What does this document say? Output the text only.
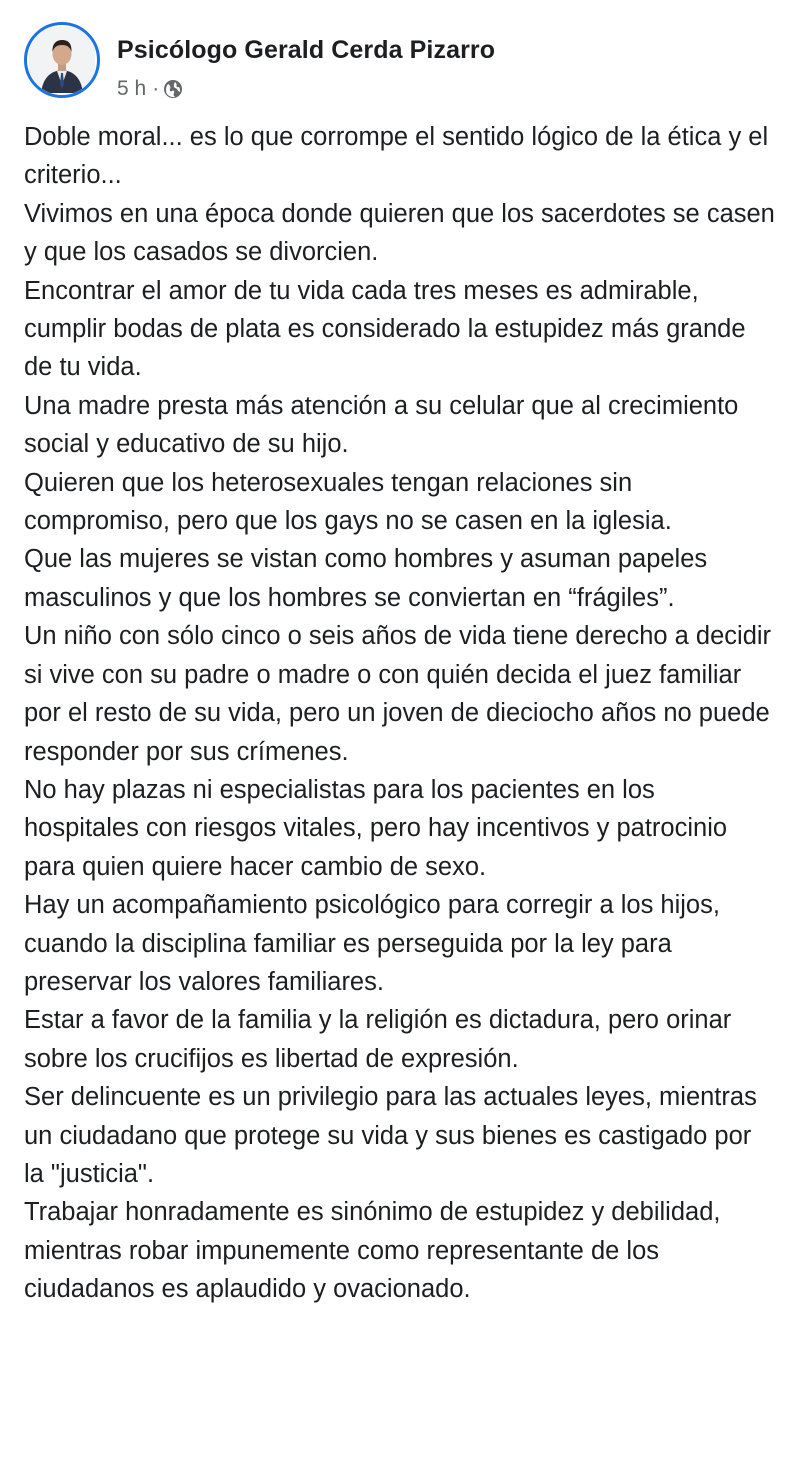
Psicólogo Gerald Cerda Pizarro
5 h ·

Doble moral... es lo que corrompe el sentido lógico de la ética y el criterio...

Vivimos en una época donde quieren que los sacerdotes se casen y que los casados se divorcien.

Encontrar el amor de tu vida cada tres meses es admirable, cumplir bodas de plata es considerado la estupidez más grande de tu vida.

Una madre presta más atención a su celular que al crecimiento social y educativo de su hijo.

Quieren que los heterosexuales tengan relaciones sin compromiso, pero que los gays no se casen en la iglesia.

Que las mujeres se vistan como hombres y asuman papeles masculinos y que los hombres se conviertan en “frágiles”.

Un niño con sólo cinco o seis años de vida tiene derecho a decidir si vive con su padre o madre o con quién decida el juez familiar por el resto de su vida, pero un joven de dieciocho años no puede responder por sus crímenes.

No hay plazas ni especialistas para los pacientes en los hospitales con riesgos vitales, pero hay incentivos y patrocinio para quien quiere hacer cambio de sexo.

Hay un acompañamiento psicológico para corregir a los hijos, cuando la disciplina familiar es perseguida por la ley para preservar los valores familiares.

Estar a favor de la familia y la religión es dictadura, pero orinar sobre los crucifijos es libertad de expresión.

Ser delincuente es un privilegio para las actuales leyes, mientras un ciudadano que protege su vida y sus bienes es castigado por la "justicia".

Trabajar honradamente es sinónimo de estupidez y debilidad, mientras robar impunemente como representante de los ciudadanos es aplaudido y ovacionado.
